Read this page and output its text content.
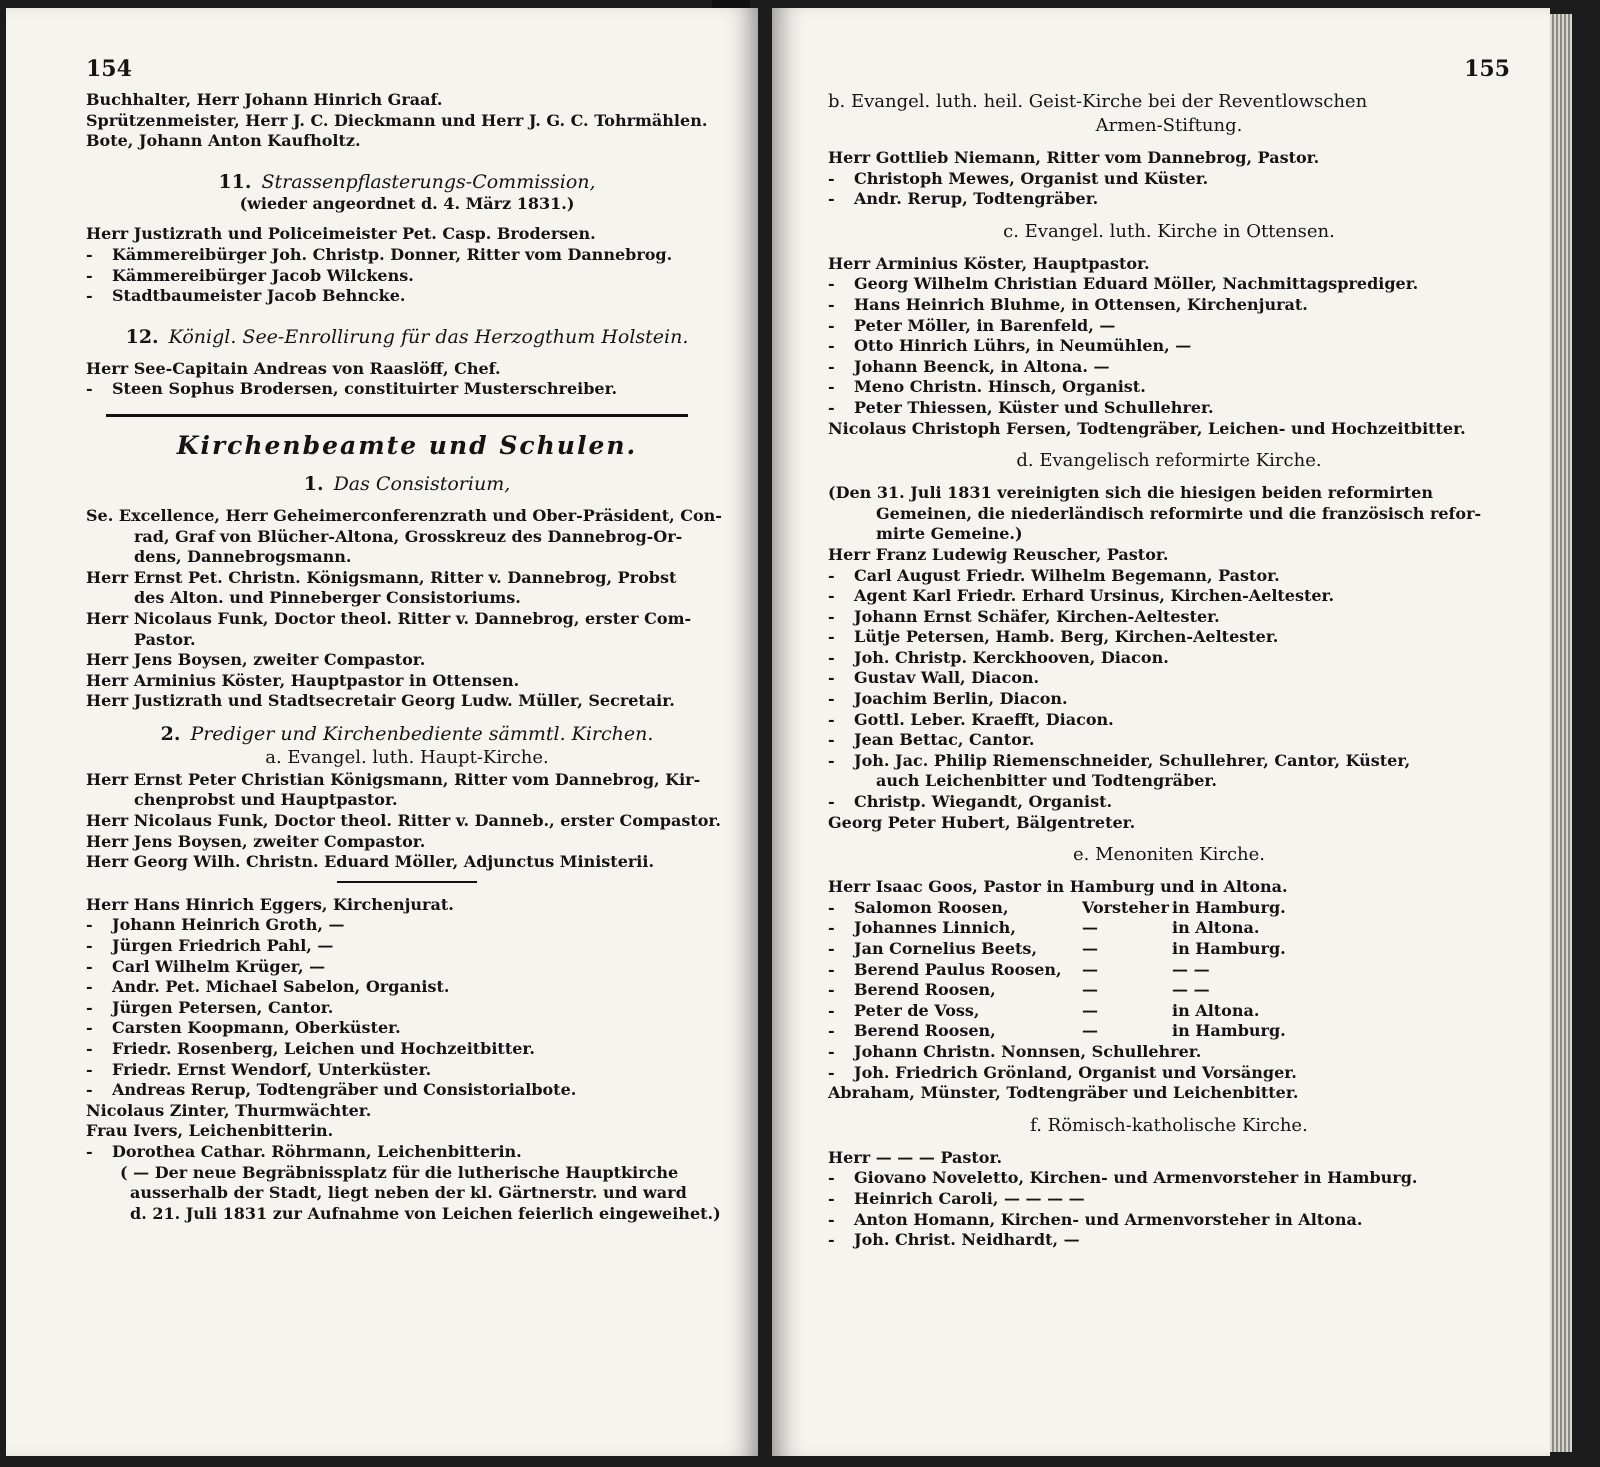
154
Buchhalter, Herr Johann Hinrich Graaf.
Sprützenmeister, Herr J. C. Dieckmann und Herr J. G. C. Tohrmählen.
Bote, Johann Anton Kaufholtz.
11. Strassenpflasterungs-Commission,
(wieder angeordnet d. 4. März 1831.)
Herr Justizrath und Policeimeister Pet. Casp. Brodersen.
- Kämmereibürger Joh. Christp. Donner, Ritter vom Dannebrog.
- Kämmereibürger Jacob Wilckens.
- Stadtbaumeister Jacob Behncke.
12. Königl. See-Enrollirung für das Herzogthum Holstein.
Herr See-Capitain Andreas von Raaslöff, Chef.
- Steen Sophus Brodersen, constituirter Musterschreiber.
Kirchenbeamte und Schulen.
1. Das Consistorium,
Se. Excellence, Herr Geheimerconferenzrath und Ober-Präsident, Con-
rad, Graf von Blücher-Altona, Grosskreuz des Dannebrog-Or-
dens, Dannebrogsmann.
Herr Ernst Pet. Christn. Königsmann, Ritter v. Dannebrog, Probst
des Alton. und Pinneberger Consistoriums.
Herr Nicolaus Funk, Doctor theol. Ritter v. Dannebrog, erster Com-
Pastor.
Herr Jens Boysen, zweiter Compastor.
Herr Arminius Köster, Hauptpastor in Ottensen.
Herr Justizrath und Stadtsecretair Georg Ludw. Müller, Secretair.
2. Prediger und Kirchenbediente sämmtl. Kirchen.
a. Evangel. luth. Haupt-Kirche.
Herr Ernst Peter Christian Königsmann, Ritter vom Dannebrog, Kir-
chenprobst und Hauptpastor.
Herr Nicolaus Funk, Doctor theol. Ritter v. Danneb., erster Compastor.
Herr Jens Boysen, zweiter Compastor.
Herr Georg Wilh. Christn. Eduard Möller, Adjunctus Ministerii.
Herr Hans Hinrich Eggers, Kirchenjurat.
- Johann Heinrich Groth, —
- Jürgen Friedrich Pahl, —
- Carl Wilhelm Krüger, —
- Andr. Pet. Michael Sabelon, Organist.
- Jürgen Petersen, Cantor.
- Carsten Koopmann, Oberküster.
- Friedr. Rosenberg, Leichen und Hochzeitbitter.
- Friedr. Ernst Wendorf, Unterküster.
- Andreas Rerup, Todtengräber und Consistorialbote.
Nicolaus Zinter, Thurmwächter.
Frau Ivers, Leichenbitterin.
- Dorothea Cathar. Röhrmann, Leichenbitterin.
( — Der neue Begräbnissplatz für die lutherische Hauptkirche
ausserhalb der Stadt, liegt neben der kl. Gärtnerstr. und ward
d. 21. Juli 1831 zur Aufnahme von Leichen feierlich eingeweihet.)
155
b. Evangel. luth. heil. Geist-Kirche bei der Reventlowschen
Armen-Stiftung.
Herr Gottlieb Niemann, Ritter vom Dannebrog, Pastor.
- Christoph Mewes, Organist und Küster.
- Andr. Rerup, Todtengräber.
c. Evangel. luth. Kirche in Ottensen.
Herr Arminius Köster, Hauptpastor.
- Georg Wilhelm Christian Eduard Möller, Nachmittagsprediger.
- Hans Heinrich Bluhme, in Ottensen, Kirchenjurat.
- Peter Möller, in Barenfeld, —
- Otto Hinrich Lührs, in Neumühlen, —
- Johann Beenck, in Altona. —
- Meno Christn. Hinsch, Organist.
- Peter Thiessen, Küster und Schullehrer.
Nicolaus Christoph Fersen, Todtengräber, Leichen- und Hochzeitbitter.
d. Evangelisch reformirte Kirche.
(Den 31. Juli 1831 vereinigten sich die hiesigen beiden reformirten
Gemeinen, die niederländisch reformirte und die französisch refor-
mirte Gemeine.)
Herr Franz Ludewig Reuscher, Pastor.
- Carl August Friedr. Wilhelm Begemann, Pastor.
- Agent Karl Friedr. Erhard Ursinus, Kirchen-Aeltester.
- Johann Ernst Schäfer, Kirchen-Aeltester.
- Lütje Petersen, Hamb. Berg, Kirchen-Aeltester.
- Joh. Christp. Kerckhooven, Diacon.
- Gustav Wall, Diacon.
- Joachim Berlin, Diacon.
- Gottl. Leber. Kraefft, Diacon.
- Jean Bettac, Cantor.
- Joh. Jac. Philip Riemenschneider, Schullehrer, Cantor, Küster,
auch Leichenbitter und Todtengräber.
- Christp. Wiegandt, Organist.
Georg Peter Hubert, Bälgentreter.
e. Menoniten Kirche.
Herr Isaac Goos, Pastor in Hamburg und in Altona.
- Salomon Roosen,	Vorsteher in Hamburg.
- Johannes Linnich,	—	in Altona.
- Jan Cornelius Beets,	—	in Hamburg.
- Berend Paulus Roosen,	—	— —
- Berend Roosen,	—	— —
- Peter de Voss,	—	in Altona.
- Berend Roosen,	—	in Hamburg.
- Johann Christn. Nonnsen, Schullehrer.
- Joh. Friedrich Grönland, Organist und Vorsänger.
Abraham, Münster, Todtengräber und Leichenbitter.
f. Römisch-katholische Kirche.
Herr — — — Pastor.
- Giovano Noveletto, Kirchen- und Armenvorsteher in Hamburg.
- Heinrich Caroli, — — — —
- Anton Homann, Kirchen- und Armenvorsteher in Altona.
- Joh. Christ. Neidhardt, —
